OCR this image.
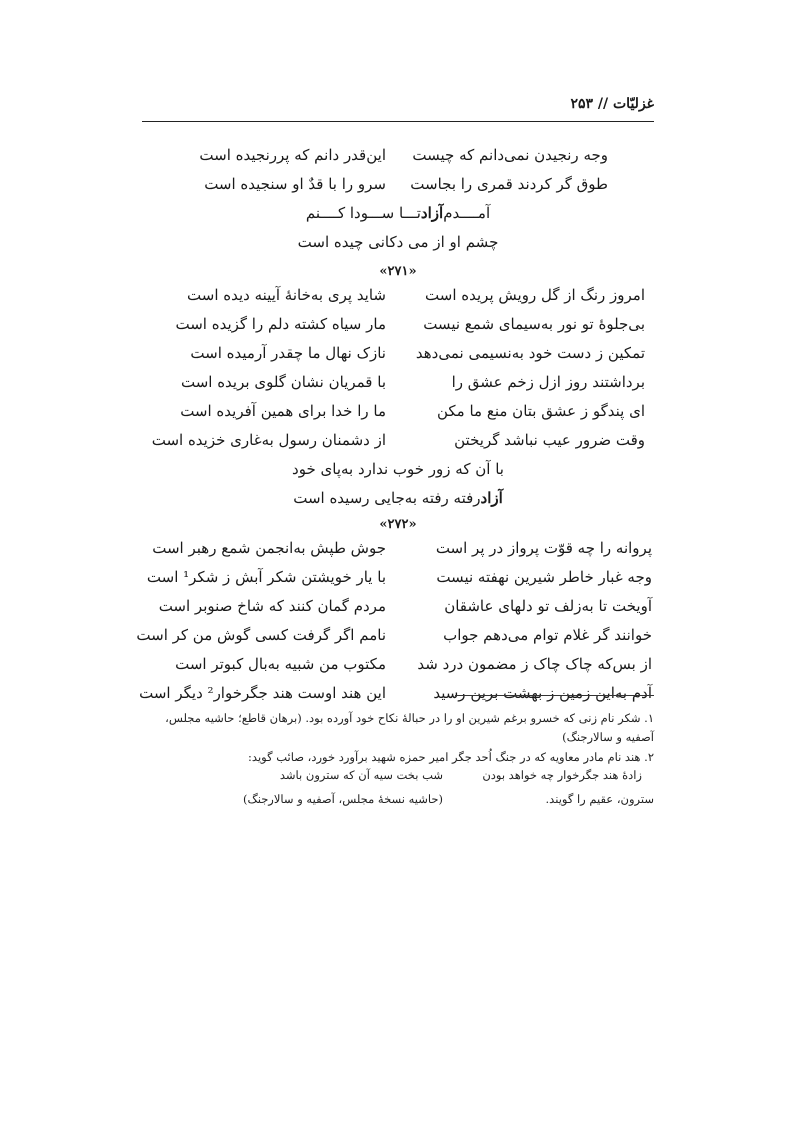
غزلیّات // ۲۵۳
وجه رنجیدن نمی‌دانم که چیست
این‌قدر دانم که پررنجیده است
طوق گر کردند قمری را بجاست
سرو را با قدٌ او سنجیده است
آمــــدم
آزاد
تـــا ســـودا کــــنم
چشم او از می دکانی چیده است
«۲۷۱»
امروز رنگ از گل رویش پریده است
شاید پری به‌خانهٔ آیینه دیده است
بی‌جلوهٔ تو نور به‌سیمای شمع نیست
مار سیاه کشته دلم را گزیده است
تمکین ز دست خود به‌نسیمی نمی‌دهد
نازک نهال ما چقدر آرمیده است
برداشتند روز ازل زخم عشق را
با قمریان نشان گلوی بریده است
ای پندگو ز عشق بتان منع ما مکن
ما را خدا برای همین آفریده است
وقت ضرور عیب نباشد گریختن
از دشمنان رسول به‌غاری خزیده است
با آن که زور خوب ندارد به‌پای خود
آزاد
رفته رفته به‌جایی رسیده است
«۲۷۲»
پروانه را چه قوّت پرواز در پر است
جوش طپش به‌انجمن شمع رهبر است
وجه غبار خاطر شیرین نهفته نیست
با یار خویشتن شکر آبش ز شکر¹ است
آویخت تا به‌زلف تو دلهای عاشقان
مردم گمان کنند که شاخ صنوبر است
خوانند گر غلام توام می‌دهم جواب
نامم اگر گرفت کسی گوش من کر است
از بس‌که چاک چاک ز مضمون درد شد
مکتوب من شبیه به‌بال کبوتر است
آدم به‌این زمین ز بهشت برین رسید
این هند اوست هند جگرخوار² دیگر است
۱. شکر نام زنی که خسرو برغم شیرین او را در حبالهٔ نکاح خود آورده بود. (برهان قاطع؛ حاشیه مجلس، آصفیه و سالارجنگ)
۲. هند نام مادر معاویه که در جنگ اُحد جگر امیر حمزه شهید برآورد خورد، صائب گوید:
زادهٔ هند جگرخوار چه خواهد بودن
شب بخت سیه آن که سترون باشد
سترون، عقیم را گویند.
(حاشیه نسخهٔ مجلس، آصفیه و سالارجنگ)
